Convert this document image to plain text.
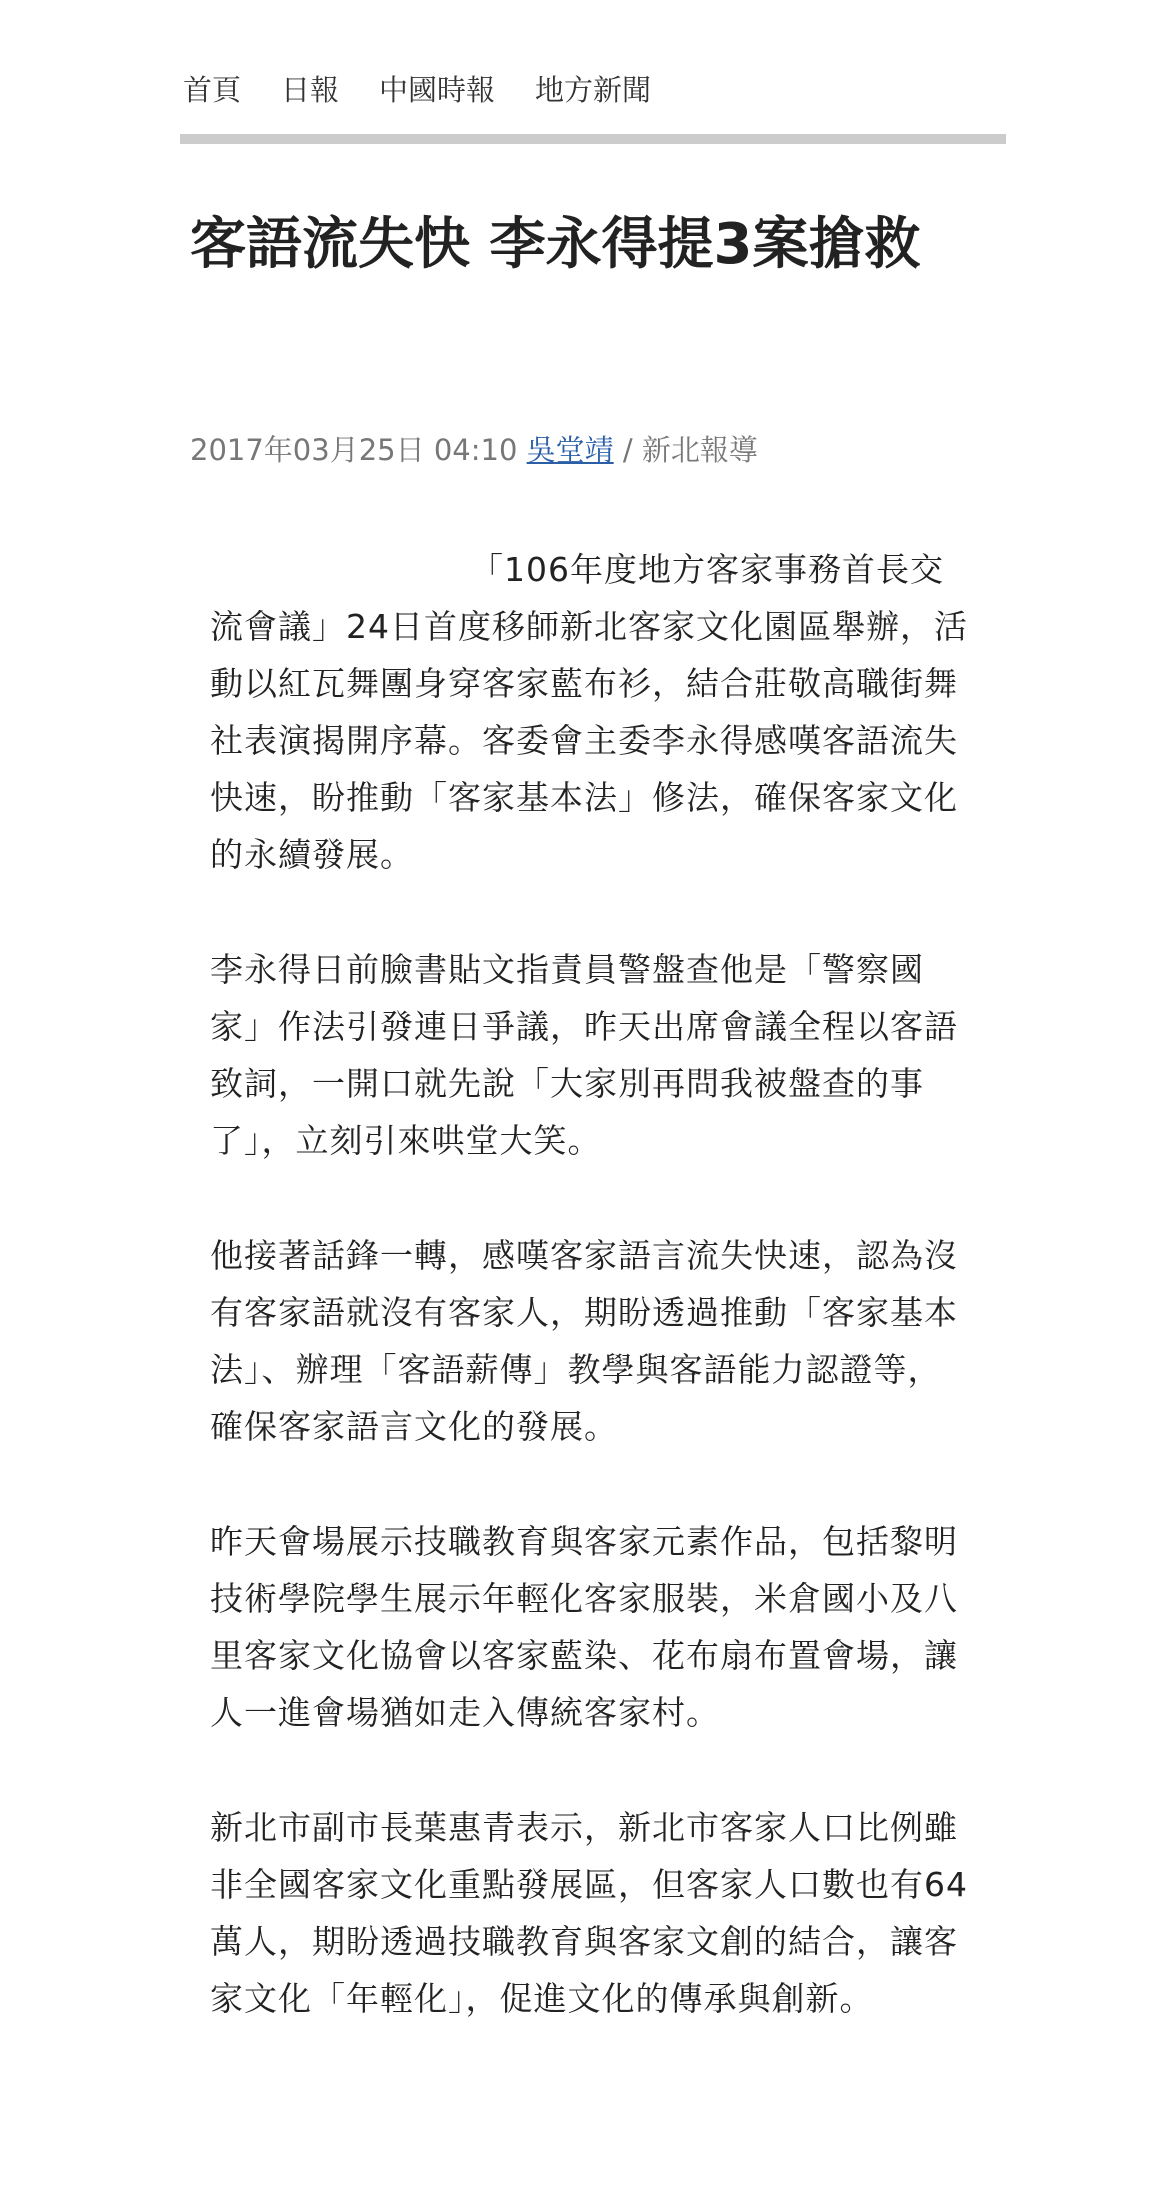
首頁 日報 中國時報 地方新聞
客語流失快 李永得提3案搶救
2017年03月25日 04:10 吳堂靖 / 新北報導

「106年度地方客家事務首長交流會議」24日首度移師新北客家文化園區舉辦，活動以紅瓦舞團身穿客家藍布衫，結合莊敬高職街舞社表演揭開序幕。客委會主委李永得感嘆客語流失快速，盼推動「客家基本法」修法，確保客家文化的永續發展。

李永得日前臉書貼文指責員警盤查他是「警察國家」作法引發連日爭議，昨天出席會議全程以客語致詞，一開口就先說「大家別再問我被盤查的事了」，立刻引來哄堂大笑。

他接著話鋒一轉，感嘆客家語言流失快速，認為沒有客家語就沒有客家人，期盼透過推動「客家基本法」、辦理「客語薪傳」教學與客語能力認證等，確保客家語言文化的發展。

昨天會場展示技職教育與客家元素作品，包括黎明技術學院學生展示年輕化客家服裝，米倉國小及八里客家文化協會以客家藍染、花布扇布置會場，讓人一進會場猶如走入傳統客家村。

新北市副市長葉惠青表示，新北市客家人口比例雖非全國客家文化重點發展區，但客家人口數也有64萬人，期盼透過技職教育與客家文創的結合，讓客家文化「年輕化」，促進文化的傳承與創新。
